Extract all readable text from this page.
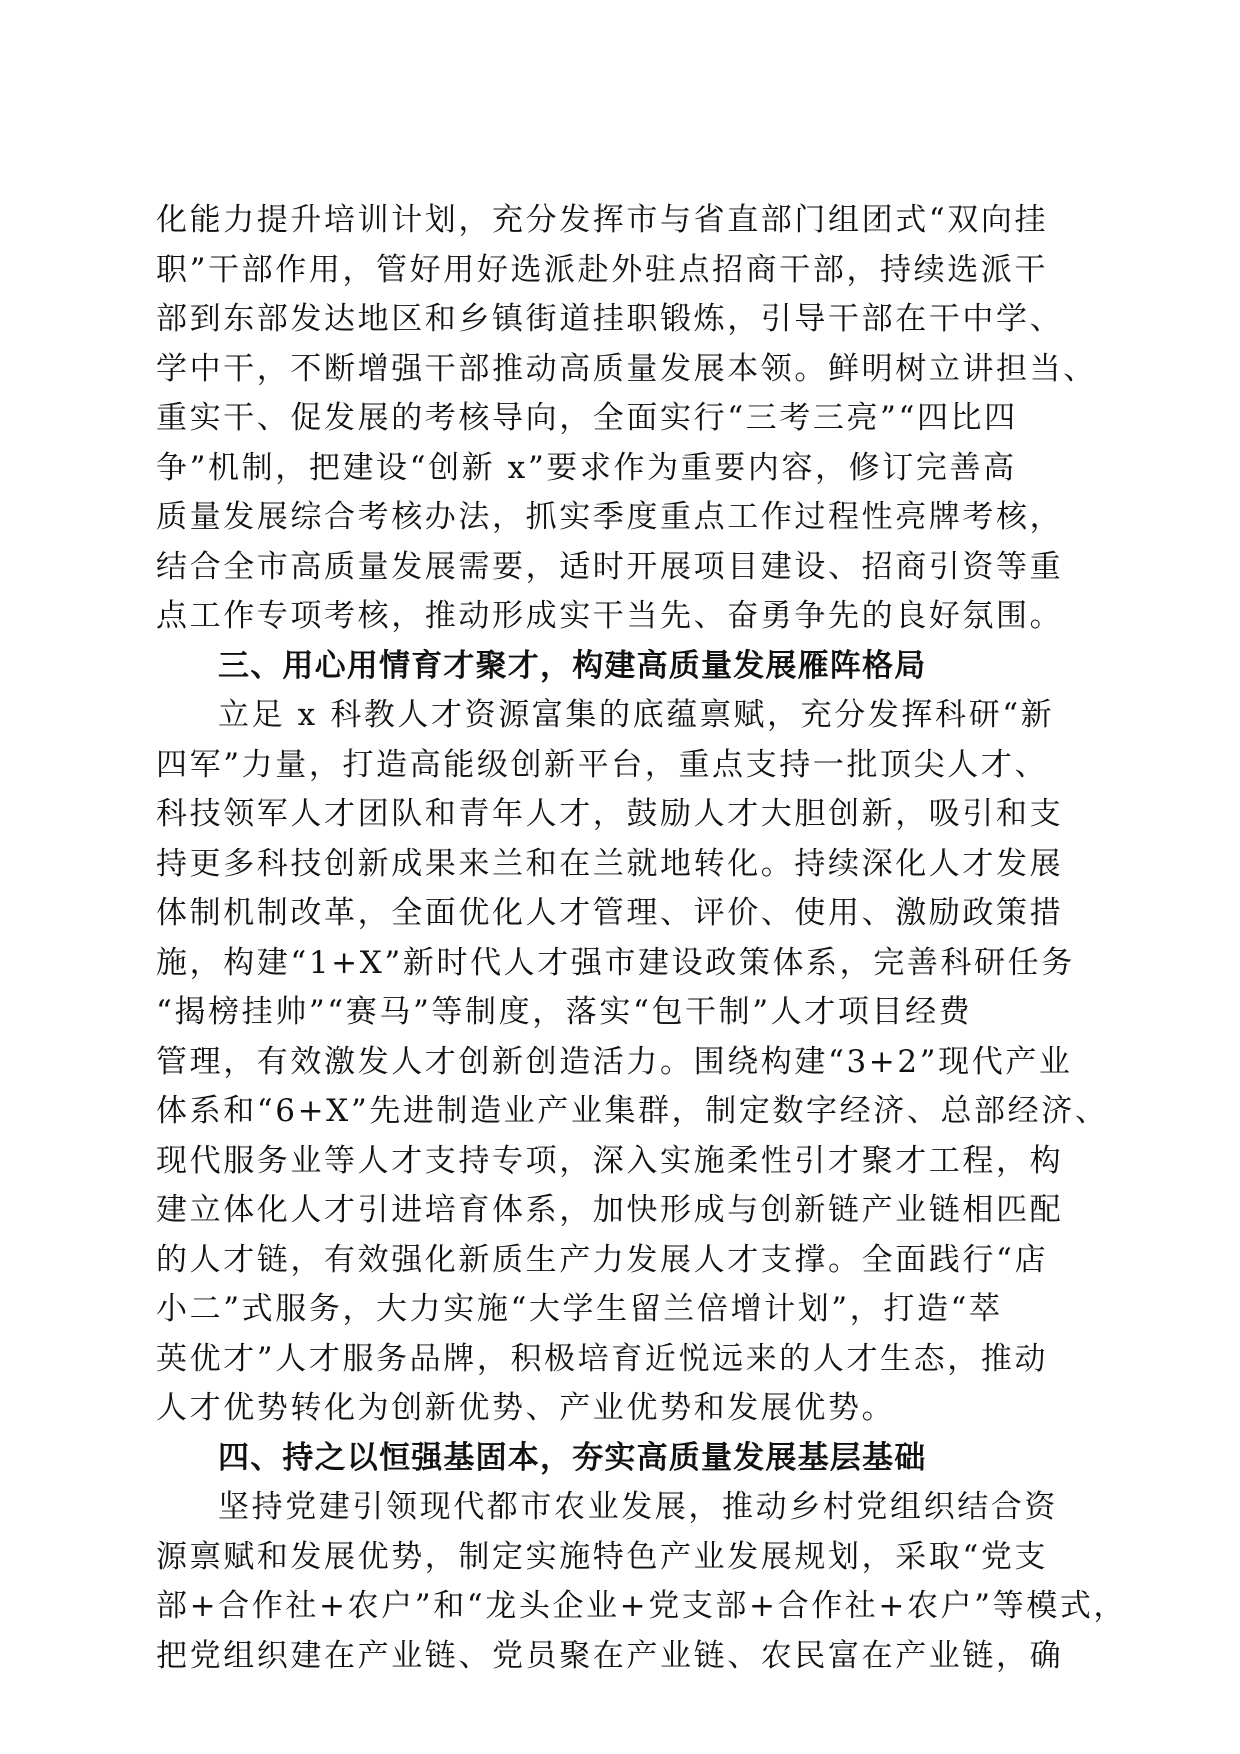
化能力提升培训计划，充分发挥市与省直部门组团式“双向挂
职”干部作用，管好用好选派赴外驻点招商干部，持续选派干
部到东部发达地区和乡镇街道挂职锻炼，引导干部在干中学、
学中干，不断增强干部推动高质量发展本领。鲜明树立讲担当、
重实干、促发展的考核导向，全面实行“三考三亮”“四比四
争”机制，把建设“创新 x”要求作为重要内容，修订完善高
质量发展综合考核办法，抓实季度重点工作过程性亮牌考核，
结合全市高质量发展需要，适时开展项目建设、招商引资等重
点工作专项考核，推动形成实干当先、奋勇争先的良好氛围。
三、用心用情育才聚才，构建高质量发展雁阵格局
立足 x 科教人才资源富集的底蕴禀赋，充分发挥科研“新
四军”力量，打造高能级创新平台，重点支持一批顶尖人才、
科技领军人才团队和青年人才，鼓励人才大胆创新，吸引和支
持更多科技创新成果来兰和在兰就地转化。持续深化人才发展
体制机制改革，全面优化人才管理、评价、使用、激励政策措
施，构建“1+X”新时代人才强市建设政策体系，完善科研任务
“揭榜挂帅”“赛马”等制度，落实“包干制”人才项目经费
管理，有效激发人才创新创造活力。围绕构建“3+2”现代产业
体系和“6+X”先进制造业产业集群，制定数字经济、总部经济、
现代服务业等人才支持专项，深入实施柔性引才聚才工程，构
建立体化人才引进培育体系，加快形成与创新链产业链相匹配
的人才链，有效强化新质生产力发展人才支撑。全面践行“店
小二”式服务，大力实施“大学生留兰倍增计划”，打造“萃
英优才”人才服务品牌，积极培育近悦远来的人才生态，推动
人才优势转化为创新优势、产业优势和发展优势。
四、持之以恒强基固本，夯实高质量发展基层基础
坚持党建引领现代都市农业发展，推动乡村党组织结合资
源禀赋和发展优势，制定实施特色产业发展规划，采取“党支
部+合作社+农户”和“龙头企业+党支部+合作社+农户”等模式，
把党组织建在产业链、党员聚在产业链、农民富在产业链，确
